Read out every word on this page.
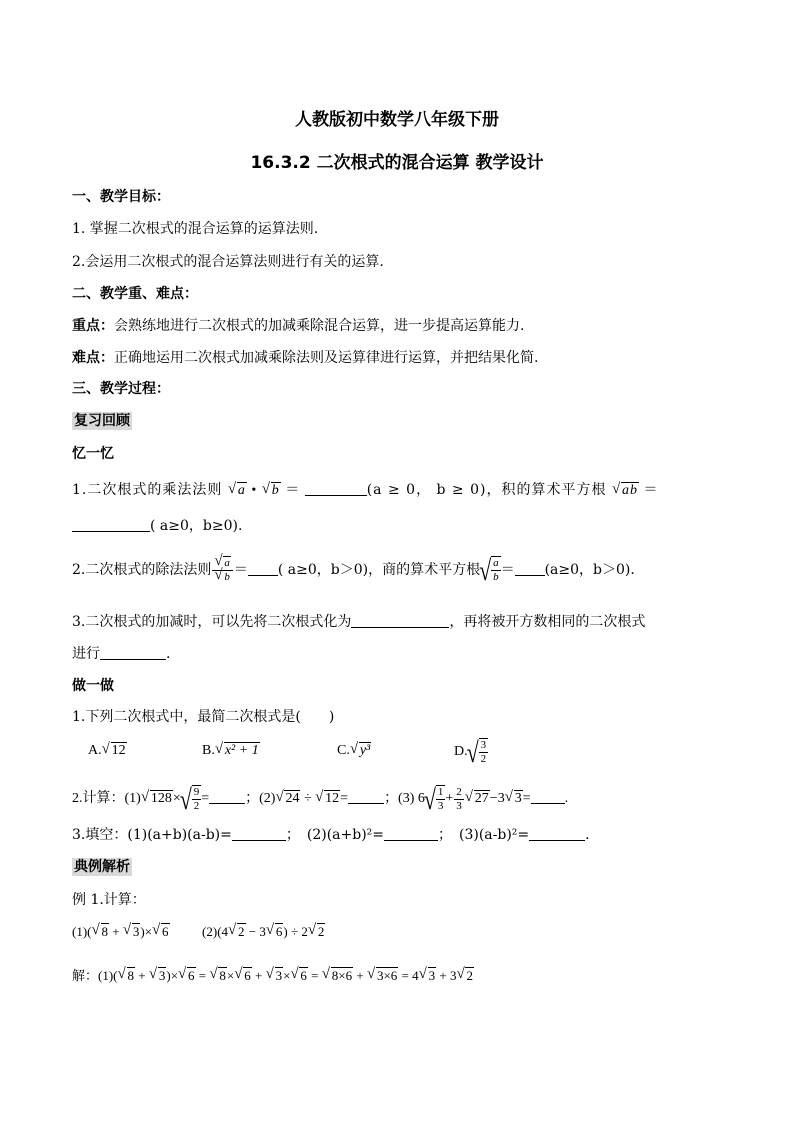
人教版初中数学八年级下册
16.3.2 二次根式的混合运算 教学设计
一、教学目标：
1. 掌握二次根式的混合运算的运算法则.
2.会运用二次根式的混合运算法则进行有关的运算.
二、教学重、难点：
重点：会熟练地进行二次根式的加减乘除混合运算，进一步提高运算能力.
难点：正确地运用二次根式加减乘除法则及运算律进行运算，并把结果化简.
三、教学过程：
复习回顾
忆一忆
1.二次根式的乘法法则 √ a • √ b ＝	(a ≥ 0， b ≥ 0)，积的算术平方根 √ ab ＝
( a≥0，b≥0).
2.二次根式的除法法则 √ a
√ b ＝ ( a≥0，b＞0)，商的算术平方根 √ $\frac{a}{b} = (a\ge 0$，b＞0).
3.二次根式的加减时，可以先将二次根式化为	，再将被开方数相同的二次根式
进行	.
做一做
1.下列二次根式中，最简二次根式是(　　)
A. √ 12	B. √ x² + 1	C. √ y³	D. √ $\frac{3}{2}$
2.计算：(1) √ 128× √ $\frac{9}{2}$ =	；(2) √ 24 ÷ √ 12=	；(3) 6 √ $\frac{1}{3} + \frac{2}{3}$ √ 27−3 √ 3= .
3.填空：(1)(a+b)(a-b)=	；　(2)(a+b)²=	；　(3)(a-b)²=	.
典例解析
例 1.计算：
(1)( √ 8 + √ 3)× √ 6	(2)(4 √ 2 − 3 √ 6) ÷ 2 √ 2
解：(1)( √ 8 + √ 3)× √ 6 = √ 8× √ 6 + √ 3× √ 6 = √ 8×6 + √ 3×6 = 4 √ 3 + 3 √ 2
